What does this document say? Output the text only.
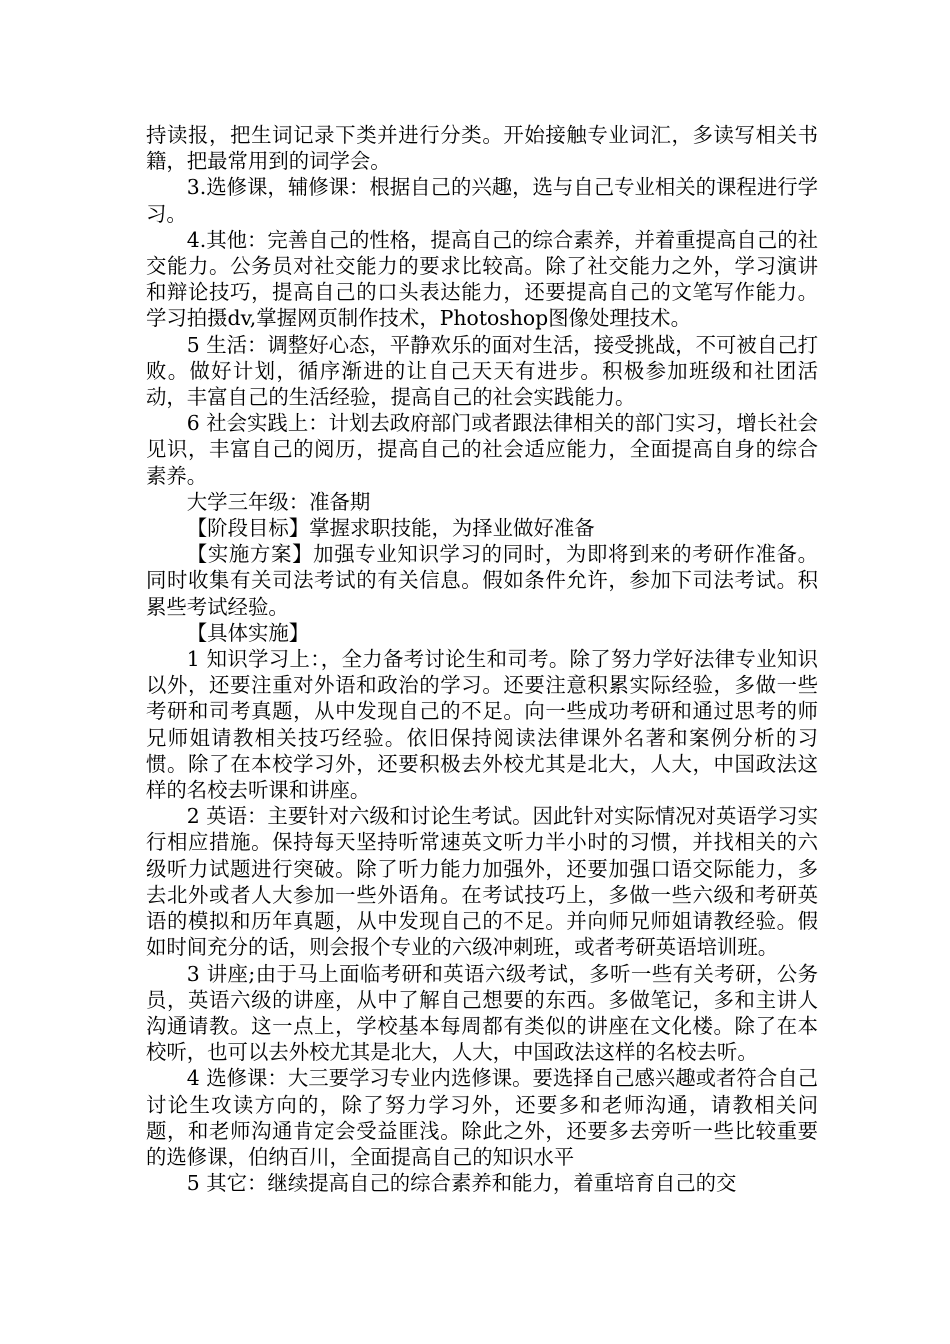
持读报，把生词记录下类并进行分类。开始接触专业词汇，多读写相关书籍，把最常用到的词学会。

3.选修课，辅修课：根据自己的兴趣，选与自己专业相关的课程进行学习。

4.其他：完善自己的性格，提高自己的综合素养，并着重提高自己的社交能力。公务员对社交能力的要求比较高。除了社交能力之外，学习演讲和辩论技巧，提高自己的口头表达能力，还要提高自己的文笔写作能力。学习拍摄dv,掌握网页制作技术，Photoshop图像处理技术。

5 生活：调整好心态，平静欢乐的面对生活，接受挑战，不可被自己打败。做好计划，循序渐进的让自己天天有进步。积极参加班级和社团活动，丰富自己的生活经验，提高自己的社会实践能力。

6 社会实践上：计划去政府部门或者跟法律相关的部门实习，增长社会见识，丰富自己的阅历，提高自己的社会适应能力，全面提高自身的综合素养。

大学三年级：准备期

【阶段目标】掌握求职技能，为择业做好准备

【实施方案】加强专业知识学习的同时，为即将到来的考研作准备。同时收集有关司法考试的有关信息。假如条件允许，参加下司法考试。积累些考试经验。

【具体实施】

1 知识学习上：，全力备考讨论生和司考。除了努力学好法律专业知识以外，还要注重对外语和政治的学习。还要注意积累实际经验，多做一些考研和司考真题，从中发现自己的不足。向一些成功考研和通过思考的师兄师姐请教相关技巧经验。依旧保持阅读法律课外名著和案例分析的习惯。除了在本校学习外，还要积极去外校尤其是北大，人大，中国政法这样的名校去听课和讲座。

2 英语：主要针对六级和讨论生考试。因此针对实际情况对英语学习实行相应措施。保持每天坚持听常速英文听力半小时的习惯，并找相关的六级听力试题进行突破。除了听力能力加强外，还要加强口语交际能力，多去北外或者人大参加一些外语角。在考试技巧上，多做一些六级和考研英语的模拟和历年真题，从中发现自己的不足。并向师兄师姐请教经验。假如时间充分的话，则会报个专业的六级冲刺班，或者考研英语培训班。

3 讲座;由于马上面临考研和英语六级考试，多听一些有关考研，公务员，英语六级的讲座，从中了解自己想要的东西。多做笔记，多和主讲人沟通请教。这一点上，学校基本每周都有类似的讲座在文化楼。除了在本校听，也可以去外校尤其是北大，人大，中国政法这样的名校去听。

4 选修课：大三要学习专业内选修课。要选择自己感兴趣或者符合自己讨论生攻读方向的，除了努力学习外，还要多和老师沟通，请教相关问题，和老师沟通肯定会受益匪浅。除此之外，还要多去旁听一些比较重要的选修课，伯纳百川，全面提高自己的知识水平

5 其它：继续提高自己的综合素养和能力，着重培育自己的交
